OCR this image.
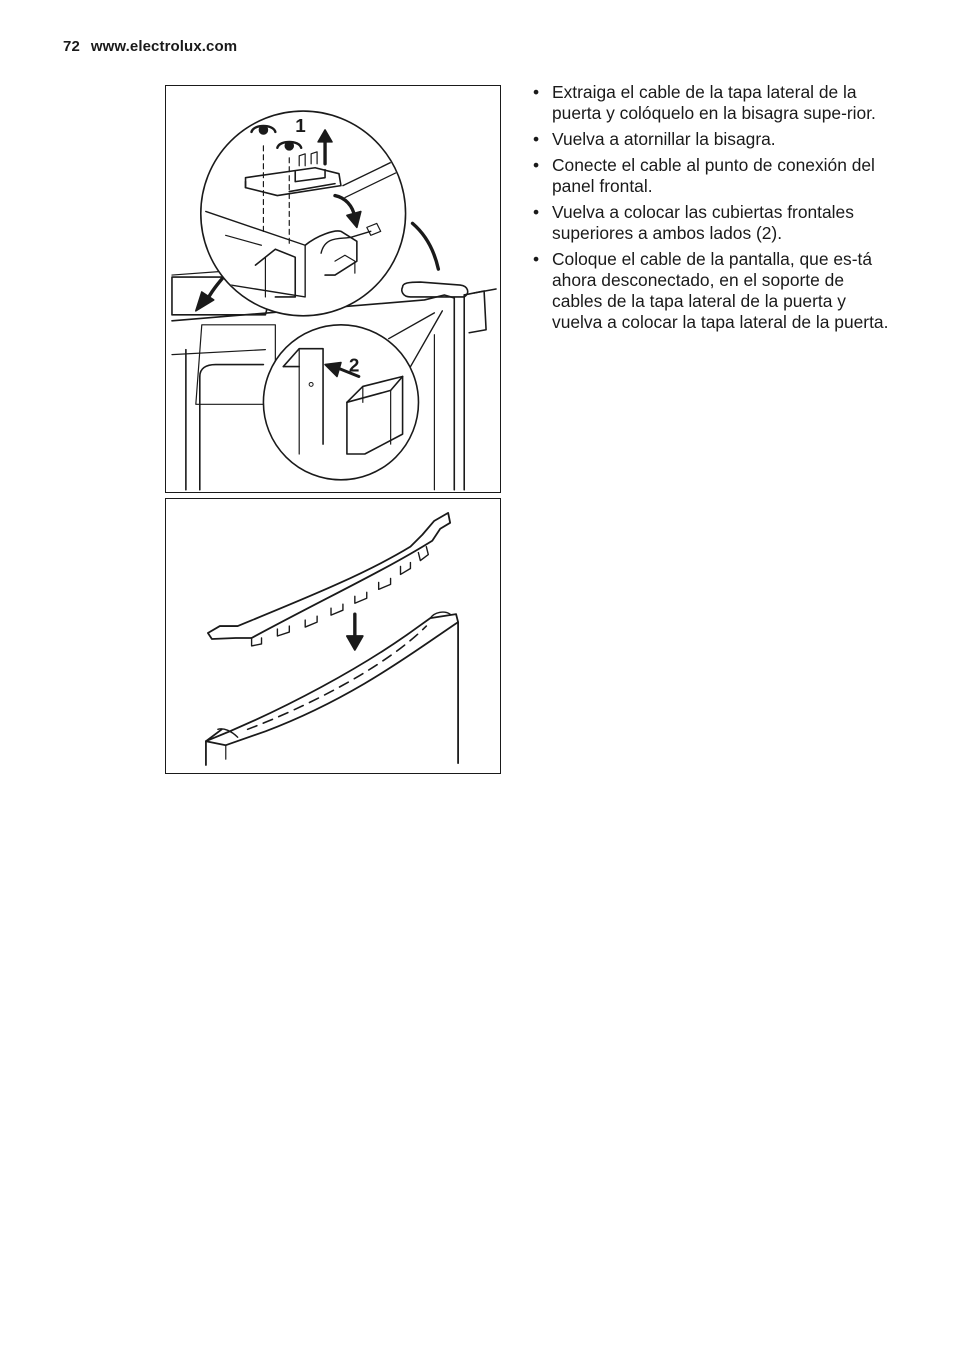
72 www.electrolux.com
1
2
• Extraiga el cable de la tapa lateral de la puerta y colóquelo en la bisagra supe-rior.
• Vuelva a atornillar la bisagra.
• Conecte el cable al punto de conexión del panel frontal.
• Vuelva a colocar las cubiertas frontales superiores a ambos lados (2).
• Coloque el cable de la pantalla, que es-tá ahora desconectado, en el soporte de cables de la tapa lateral de la puerta y vuelva a colocar la tapa lateral de la puerta.
